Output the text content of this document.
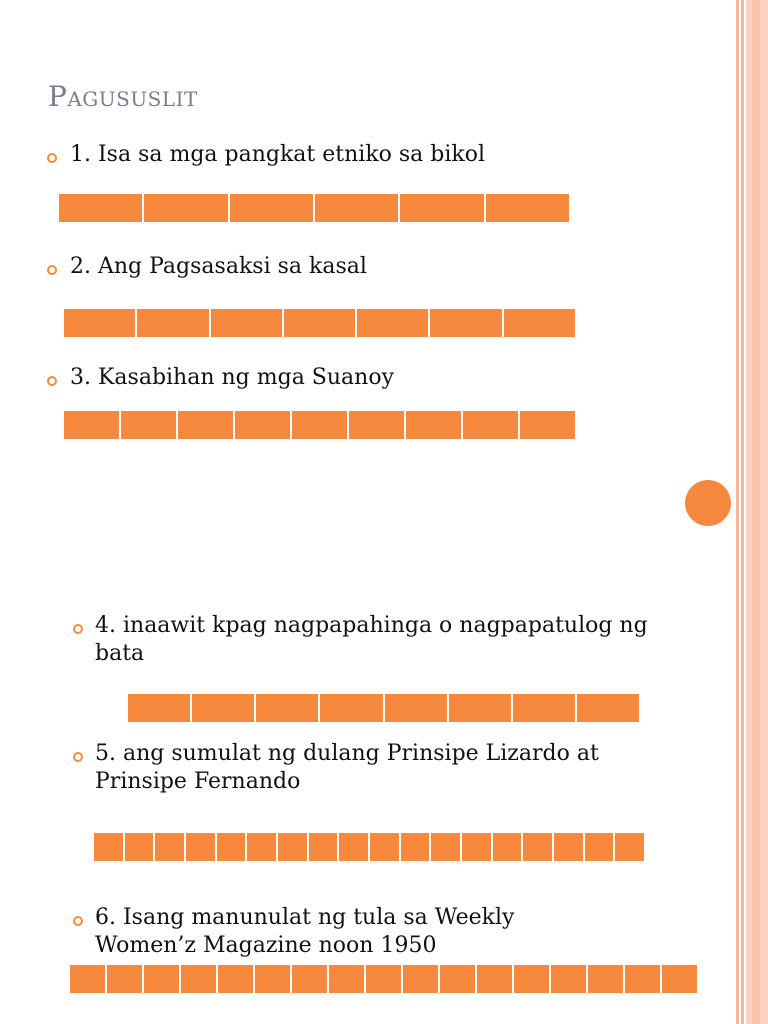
Pagususlit
1. Isa sa mga pangkat etniko sa bikol
2. Ang Pagsasaksi sa kasal
3. Kasabihan ng mga Suanoy
4. inaawit kpag nagpapahinga o nagpapatulog ng bata
5. ang sumulat ng dulang Prinsipe Lizardo at Prinsipe Fernando
6. Isang manunulat ng tula sa Weekly Women’z Magazine noon 1950
